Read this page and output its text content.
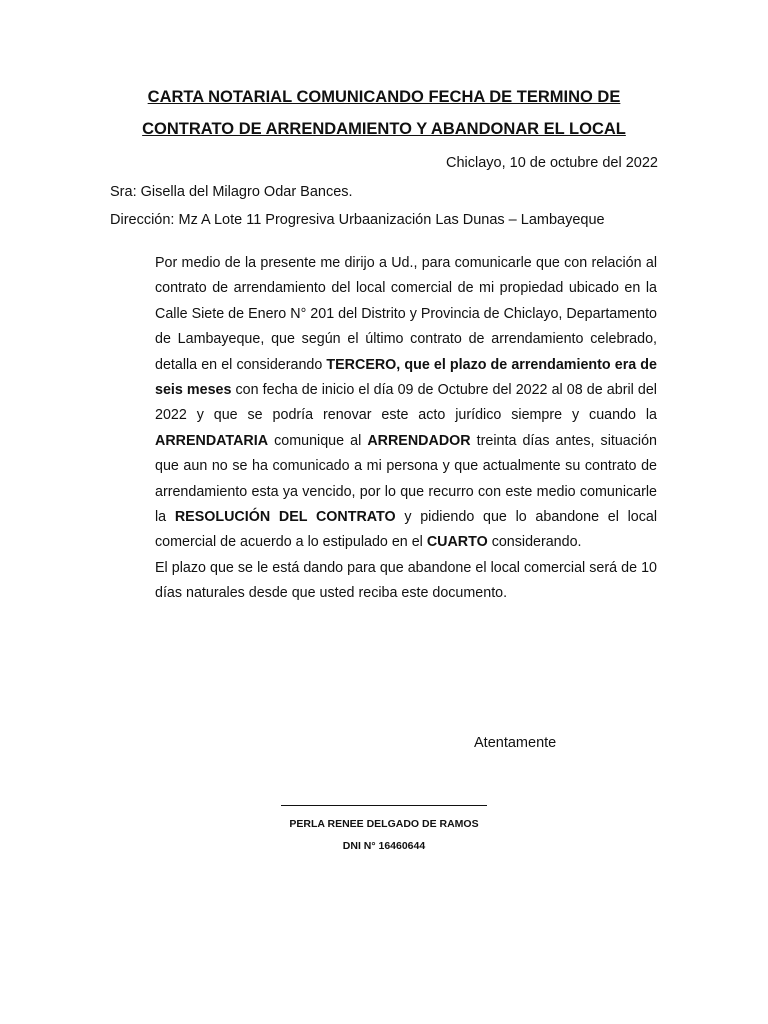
CARTA NOTARIAL COMUNICANDO FECHA DE TERMINO DE
CONTRATO DE ARRENDAMIENTO Y ABANDONAR EL LOCAL
Chiclayo, 10 de octubre del 2022
Sra: Gisella del Milagro Odar Bances.
Dirección: Mz A Lote 11 Progresiva Urbaanización Las Dunas – Lambayeque

Por medio de la presente me dirijo a Ud., para comunicarle que con relación al contrato de arrendamiento del local comercial de mi propiedad ubicado en la Calle Siete de Enero N° 201 del Distrito y Provincia de Chiclayo, Departamento de Lambayeque, que según el último contrato de arrendamiento celebrado, detalla en el considerando TERCERO, que el plazo de arrendamiento era de seis meses con fecha de inicio el día 09 de Octubre del 2022 al 08 de abril del 2022 y que se podría renovar este acto jurídico siempre y cuando la ARRENDATARIA comunique al ARRENDADOR treinta días antes, situación que aun no se ha comunicado a mi persona y que actualmente su contrato de arrendamiento esta ya vencido, por lo que recurro con este medio comunicarle la RESOLUCIÓN DEL CONTRATO y pidiendo que lo abandone el local comercial de acuerdo a lo estipulado en el CUARTO considerando.

El plazo que se le está dando para que abandone el local comercial será de 10 días naturales desde que usted reciba este documento.

Atentamente
PERLA RENEE DELGADO DE RAMOS
DNI N° 16460644
